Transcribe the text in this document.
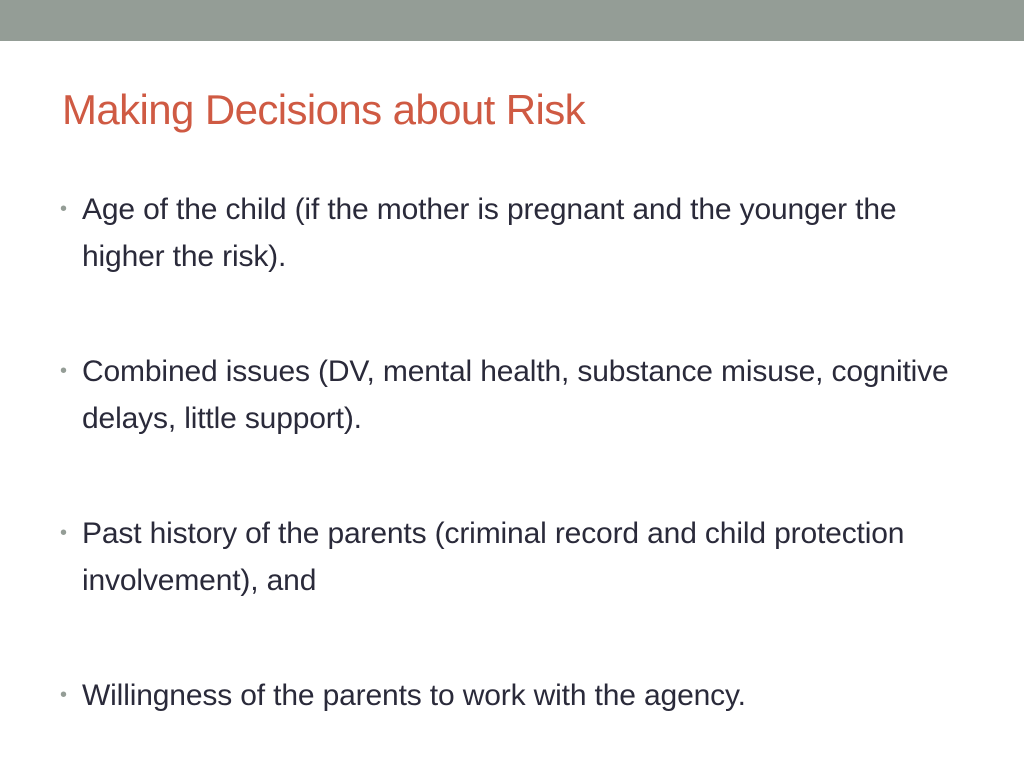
Making Decisions about Risk
• Age of the child (if the mother is pregnant and the younger the higher the risk).
• Combined issues (DV, mental health, substance misuse, cognitive delays, little support).
• Past history of the parents (criminal record and child protection involvement), and
• Willingness of the parents to work with the agency.
